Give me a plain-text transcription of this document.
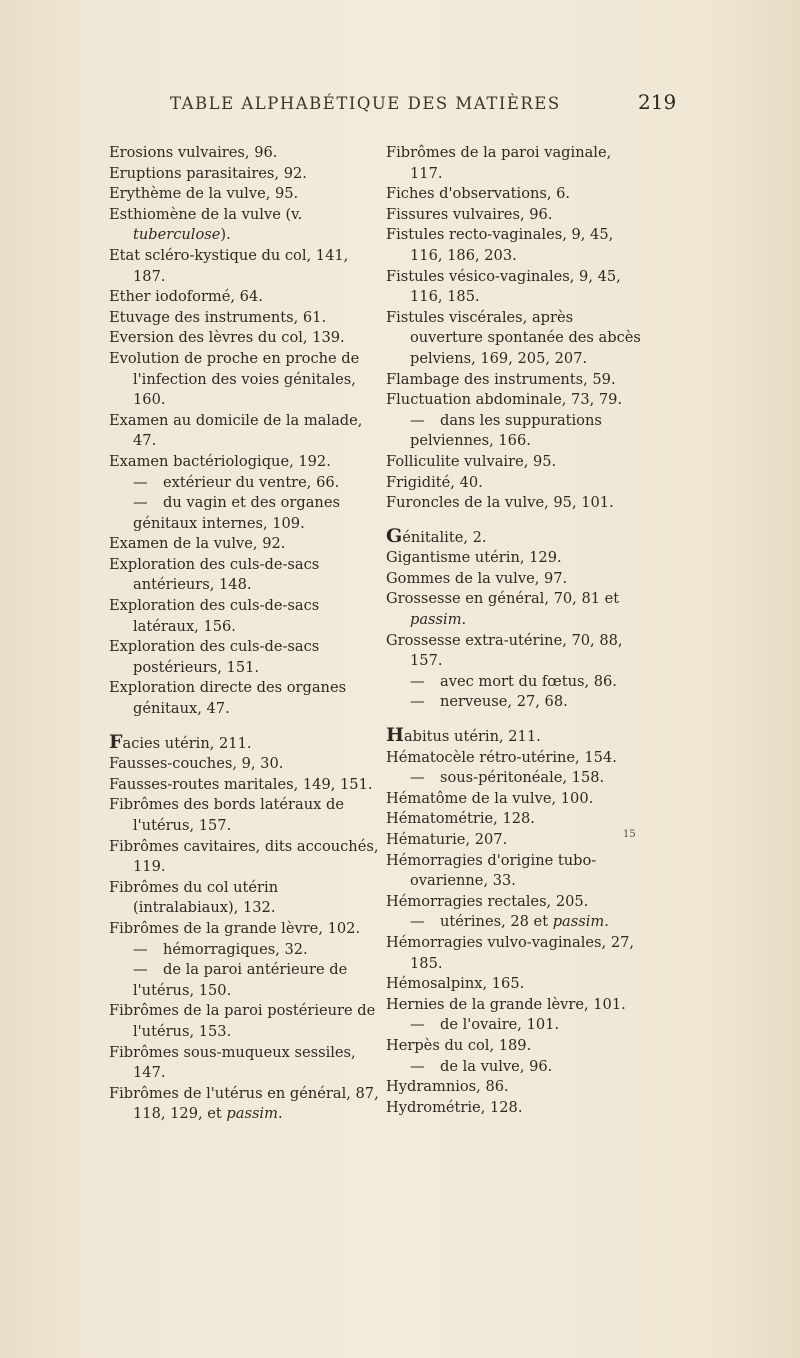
TABLE ALPHABÉTIQUE DES MATIÈRES	219
Erosions vulvaires, 96.
Eruptions parasitaires, 92.
Erythème de la vulve, 95.
Esthiomène de la vulve (v. tuberculose).
Etat scléro-kystique du col, 141, 187.
Ether iodoformé, 64.
Etuvage des instruments, 61.
Eversion des lèvres du col, 139.
Evolution de proche en proche de l'infection des voies génitales, 160.
Examen au domicile de la malade, 47.
Examen bactériologique, 192.
— extérieur du ventre, 66.
— du vagin et des organes génitaux internes, 109.
Examen de la vulve, 92.
Exploration des culs-de-sacs antérieurs, 148.
Exploration des culs-de-sacs latéraux, 156.
Exploration des culs-de-sacs postérieurs, 151.
Exploration directe des organes génitaux, 47.
Facies utérin, 211.
Fausses-couches, 9, 30.
Fausses-routes maritales, 149, 151.
Fibrômes des bords latéraux de l'utérus, 157.
Fibrômes cavitaires, dits accouchés, 119.
Fibrômes du col utérin (intralabiaux), 132.
Fibrômes de la grande lèvre, 102.
— hémorragiques, 32.
— de la paroi antérieure de l'utérus, 150.
Fibrômes de la paroi postérieure de l'utérus, 153.
Fibrômes sous-muqueux sessiles, 147.
Fibrômes de l'utérus en général, 87, 118, 129, et passim.
Fibrômes de la paroi vaginale, 117.
Fiches d'observations, 6.
Fissures vulvaires, 96.
Fistules recto-vaginales, 9, 45, 116, 186, 203.
Fistules vésico-vaginales, 9, 45, 116, 185.
Fistules viscérales, après ouverture spontanée des abcès pelviens, 169, 205, 207.
Flambage des instruments, 59.
Fluctuation abdominale, 73, 79.
— dans les suppurations pelviennes, 166.
Folliculite vulvaire, 95.
Frigidité, 40.
Furoncles de la vulve, 95, 101.
Génitalite, 2.
Gigantisme utérin, 129.
Gommes de la vulve, 97.
Grossesse en général, 70, 81 et passim.
Grossesse extra-utérine, 70, 88, 157.
— avec mort du fœtus, 86.
— nerveuse, 27, 68.
Habitus utérin, 211.
Hématocèle rétro-utérine, 154.
— sous-péritonéale, 158.
Hématôme de la vulve, 100.
Hématométrie, 128.
Hématurie, 207.
Hémorragies d'origine tubo-ovarienne, 33.
Hémorragies rectales, 205.
— utérines, 28 et passim.
Hémorragies vulvo-vaginales, 27, 185.
Hémosalpinx, 165.
Hernies de la grande lèvre, 101.
— de l'ovaire, 101.
Herpès du col, 189.
— de la vulve, 96.
Hydramnios, 86.
Hydrométrie, 128.
15
